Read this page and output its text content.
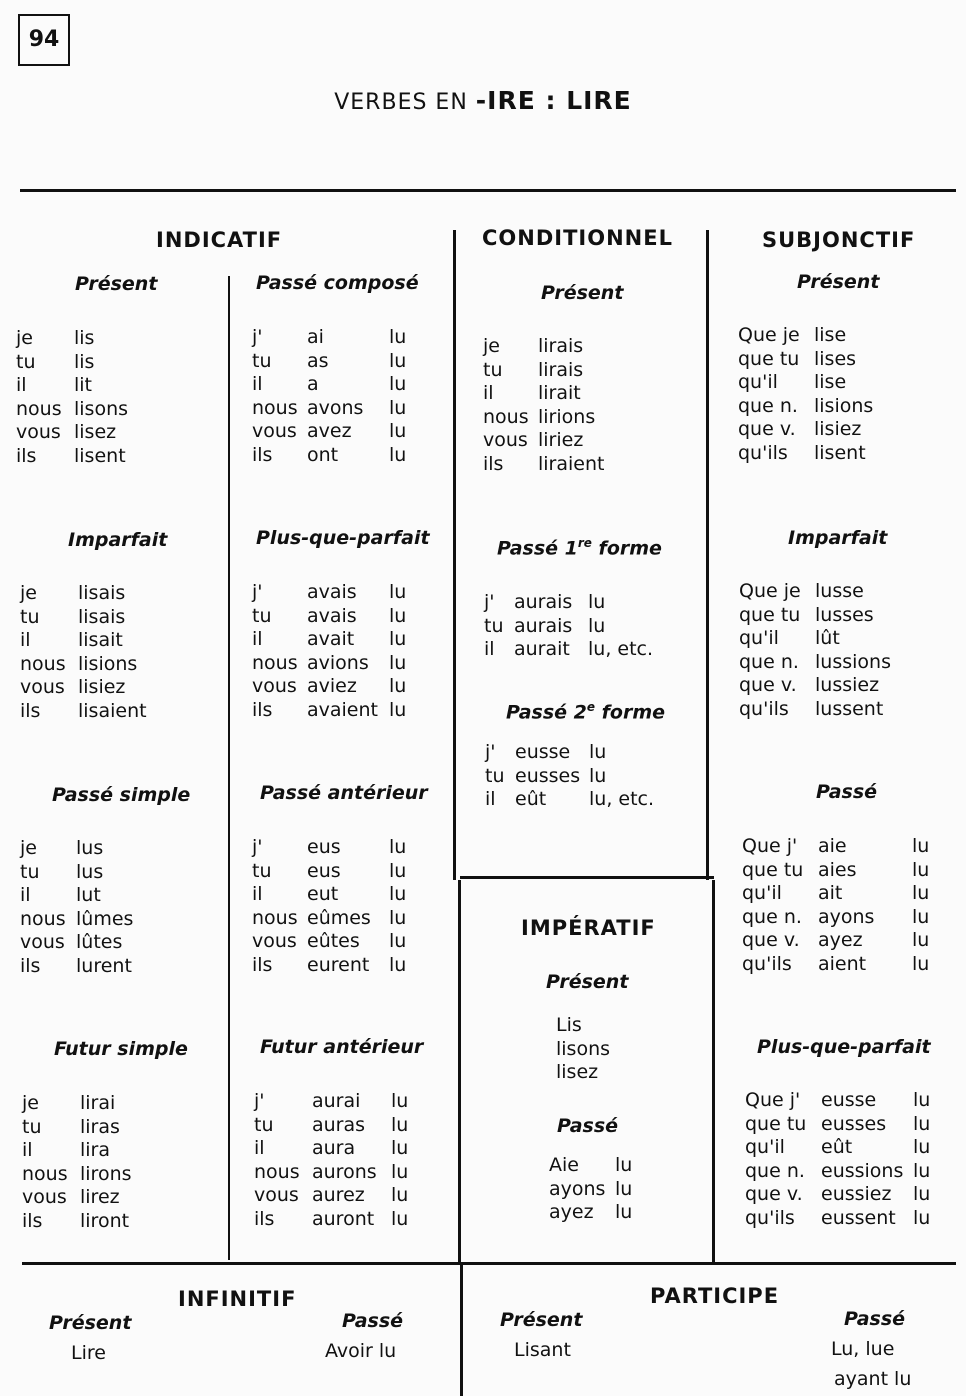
94
VERBES EN -IRE : LIRE
INDICATIF
Présent
je lis
tu lis
il lit
nous lisons
vous lisez
ils lisent
Passé composé
j' ai	lu
tu as	lu
il a	lu
nous avons lu
vous avez lu
ils ont	lu
Imparfait
je lisais
tu lisais
il lisait
nous lisions
vous lisiez
ils lisaient
Plus-que-parfait
j' avais lu
tu avais lu
il avait lu
nous avions lu
vous aviez lu
ils avaient lu
Passé simple
je lus
tu lus
il lut
nous lûmes
vous lûtes
ils lurent
Passé antérieur
j' eus	lu
tu eus	lu
il eut	lu
nous eûmes lu
vous eûtes lu
ils eurent lu
Futur simple
je lirai
tu liras
il lira
nous lirons
vous lirez
ils liront
Futur antérieur
j' aurai lu
tu auras lu
il aura lu
nous aurons lu
vous aurez lu
ils auront lu
CONDITIONNEL
Présent
je lirais
tu lirais
il lirait
nous lirions
vous liriez
ils liraient
Passé 1re forme
j' aurais lu
tu aurais lu
il aurait lu, etc.
Passé 2e forme
j' eusse lu
tu eusses lu
il eût lu, etc.
IMPÉRATIF
Présent
Lis
lisons
lisez
Passé
Aie lu
ayons lu
ayez lu
SUBJONCTIF
Présent
Que je lise
que tu lises
qu'il lise
que n. lisions
que v. lisiez
qu'ils lisent
Imparfait
Que je lusse
que tu lusses
qu'il lût
que n. lussions
que v. lussiez
qu'ils lussent
Passé
Que j' aie	lu
que tu aies	lu
qu'il ait	lu
que n. ayons lu
que v. ayez	lu
qu'ils aient lu
Plus-que-parfait
Que j' eusse lu
que tu eusses lu
qu'il eût	lu
que n. eussions lu
que v. eussiez lu
qu'ils eussent lu
INFINITIF
Présent
Lire
Passé
Avoir lu
PARTICIPE
Présent
Lisant
Passé
Lu, lue
ayant lu
